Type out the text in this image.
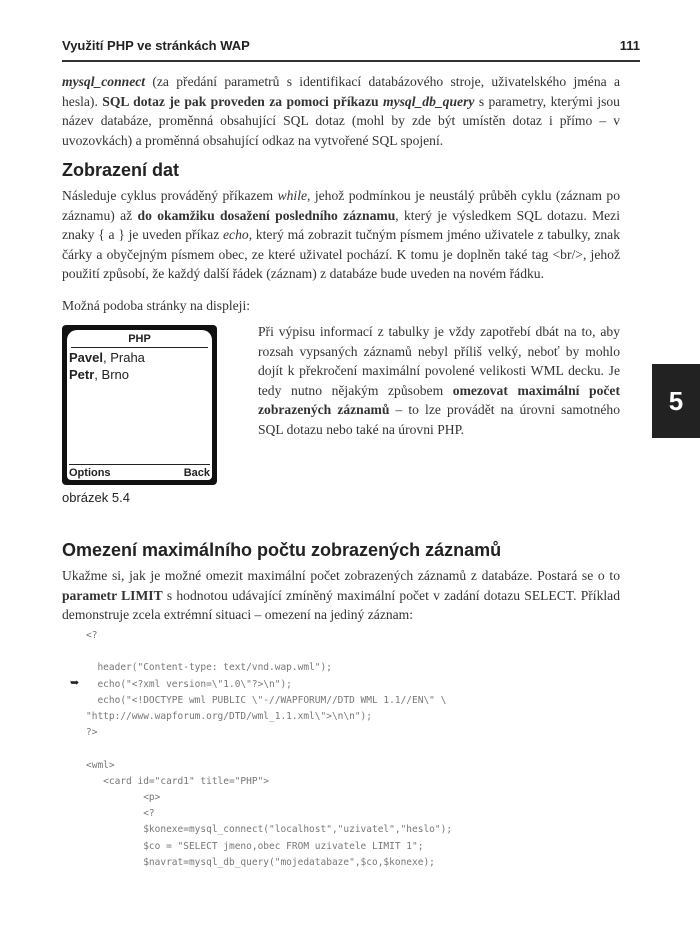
Využití PHP ve stránkách WAP	111
5
mysql_connect (za předání parametrů s identifikací databázového stroje, uživatelského jména a hesla). SQL dotaz je pak proveden za pomoci příkazu mysql_db_query s parametry, kterými jsou název databáze, proměnná obsahující SQL dotaz (mohl by zde být umístěn dotaz i přímo – v uvozovkách) a proměnná obsahující odkaz na vytvořené SQL spojení.
Zobrazení dat
Následuje cyklus prováděný příkazem while, jehož podmínkou je neustálý průběh cyklu (záznam po záznamu) až do okamžiku dosažení posledního záznamu, který je výsledkem SQL dotazu. Mezi znaky { a } je uveden příkaz echo, který má zobrazit tučným písmem jméno uživatele z tabulky, znak čárky a obyčejným písmem obec, ze které uživatel pochází. K tomu je doplněn také tag <br/>, jehož použití způsobí, že každý další řádek (záznam) z databáze bude uveden na novém řádku.
Možná podoba stránky na displeji:
PHP
Pavel, Praha
Petr, Brno
Options	Back
obrázek 5.4
Při výpisu informací z tabulky je vždy zapotřebí dbát na to, aby rozsah vypsaných záznamů nebyl příliš velký, neboť by mohlo dojít k překročení maximální povolené velikosti WML decku. Je tedy nutno nějakým způsobem omezovat maximální počet zobrazených záznamů – to lze provádět na úrovni samotného SQL dotazu nebo také na úrovni PHP.
Omezení maximálního počtu zobrazených záznamů
Ukažme si, jak je možné omezit maximální počet zobrazených záznamů z databáze. Postará se o to parametr LIMIT s hodnotou udávající zmíněný maximální počet v zadání dotazu SELECT. Příklad demonstruje zcela extrémní situaci – omezení na jediný záznam:
<?

header("Content-type: text/vnd.wap.wml");
echo("<?xml version=\"1.0\"?>\n");
echo("<!DOCTYPE wml PUBLIC \"-//WAPFORUM//DTD WML 1.1//EN\" \
"http://www.wapforum.org/DTD/wml_1.1.xml\">\n\n");
?>

<wml>
<card id="card1" title="PHP">
<p>
<?
$konexe=mysql_connect("localhost","uzivatel","heslo");
$co = "SELECT jmeno,obec FROM uzivatele LIMIT 1";
$navrat=mysql_db_query("mojedatabaze",$co,$konexe);
➥
